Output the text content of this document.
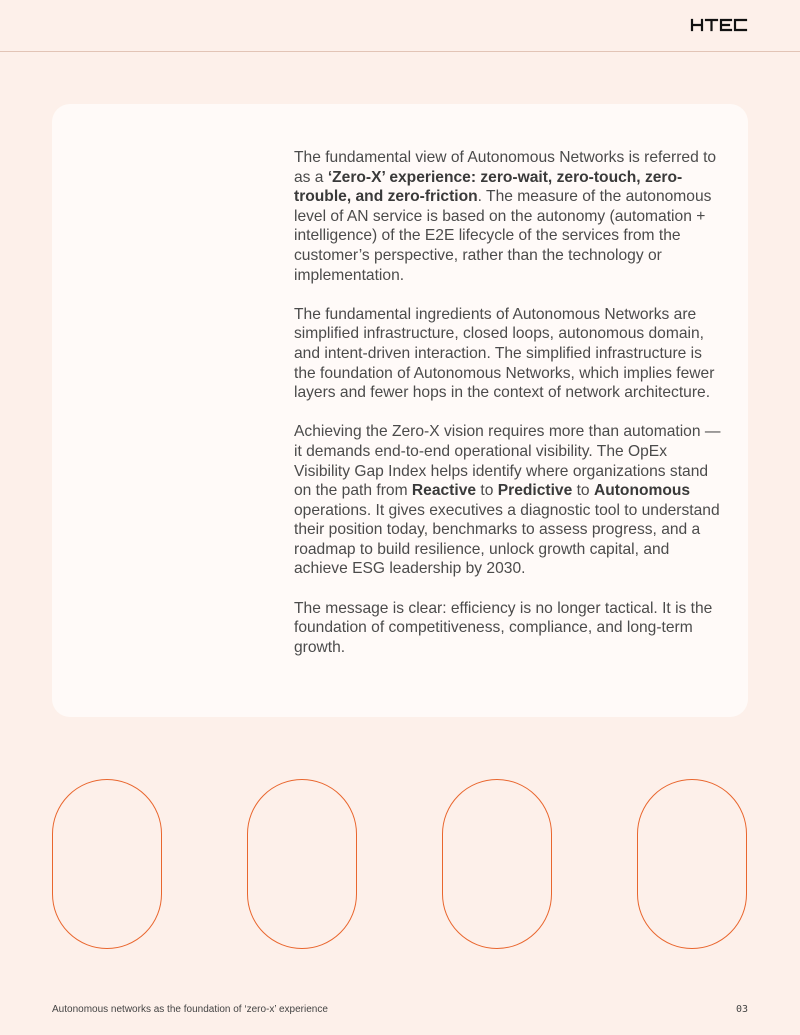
The fundamental view of Autonomous Networks is referred to as a ‘Zero-X’ experience: zero-wait, zero-touch, zero-trouble, and zero-friction. The measure of the autonomous level of AN service is based on the autonomy (automation + intelligence) of the E2E lifecycle of the services from the customer’s perspective, rather than the technology or implementation.

The fundamental ingredients of Autonomous Networks are simplified infrastructure, closed loops, autonomous domain, and intent-driven interaction. The simplified infrastructure is the foundation of Autonomous Networks, which implies fewer layers and fewer hops in the context of network architecture.

Achieving the Zero-X vision requires more than automation —it demands end-to-end operational visibility. The OpEx Visibility Gap Index helps identify where organizations stand on the path from Reactive to Predictive to Autonomous operations. It gives executives a diagnostic tool to understand their position today, benchmarks to assess progress, and a roadmap to build resilience, unlock growth capital, and achieve ESG leadership by 2030.

The message is clear: efficiency is no longer tactical. It is the foundation of competitiveness, compliance, and long-term growth.

Autonomous networks as the foundation of ‘zero-x’ experience	03
